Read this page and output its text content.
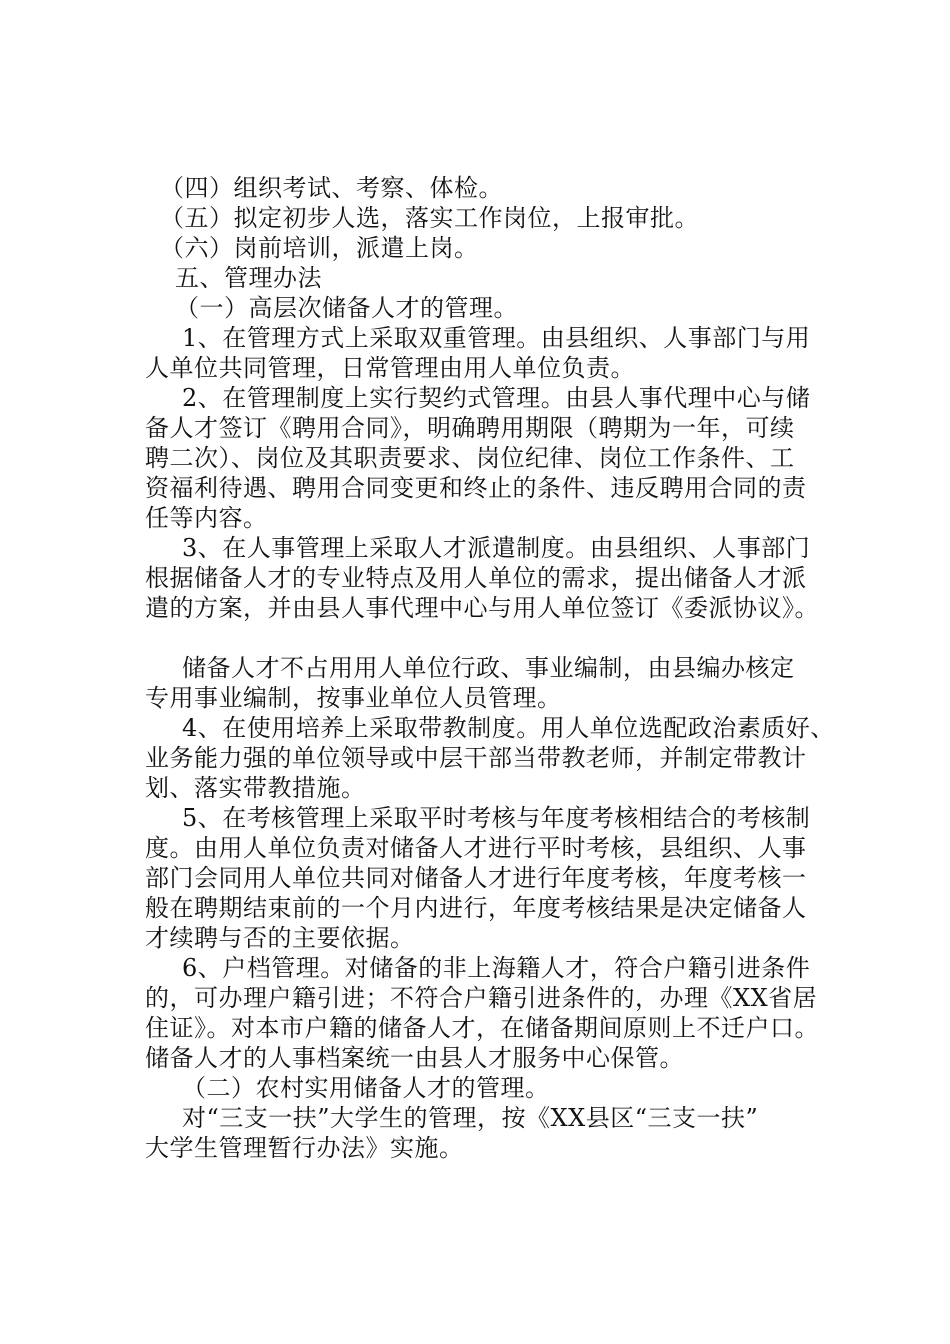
（四）组织考试、考察、体检。
（五）拟定初步人选，落实工作岗位，上报审批。
（六）岗前培训，派遣上岗。
五、管理办法
（一）高层次储备人才的管理。
1、在管理方式上采取双重管理。由县组织、人事部门与用
人单位共同管理，日常管理由用人单位负责。
2、在管理制度上实行契约式管理。由县人事代理中心与储
备人才签订《聘用合同》，明确聘用期限（聘期为一年，可续
聘二次）、岗位及其职责要求、岗位纪律、岗位工作条件、工
资福利待遇、聘用合同变更和终止的条件、违反聘用合同的责
任等内容。
3、在人事管理上采取人才派遣制度。由县组织、人事部门
根据储备人才的专业特点及用人单位的需求，提出储备人才派
遣的方案，并由县人事代理中心与用人单位签订《委派协议》。
储备人才不占用用人单位行政、事业编制，由县编办核定
专用事业编制，按事业单位人员管理。
4、在使用培养上采取带教制度。用人单位选配政治素质好、
业务能力强的单位领导或中层干部当带教老师，并制定带教计
划、落实带教措施。
5、在考核管理上采取平时考核与年度考核相结合的考核制
度。由用人单位负责对储备人才进行平时考核，县组织、人事
部门会同用人单位共同对储备人才进行年度考核，年度考核一
般在聘期结束前的一个月内进行，年度考核结果是决定储备人
才续聘与否的主要依据。
6、户档管理。对储备的非上海籍人才，符合户籍引进条件
的，可办理户籍引进；不符合户籍引进条件的，办理《XX省居
住证》。对本市户籍的储备人才，在储备期间原则上不迁户口。
储备人才的人事档案统一由县人才服务中心保管。
（二）农村实用储备人才的管理。
对“三支一扶”大学生的管理，按《XX县区“三支一扶”
大学生管理暂行办法》实施。
